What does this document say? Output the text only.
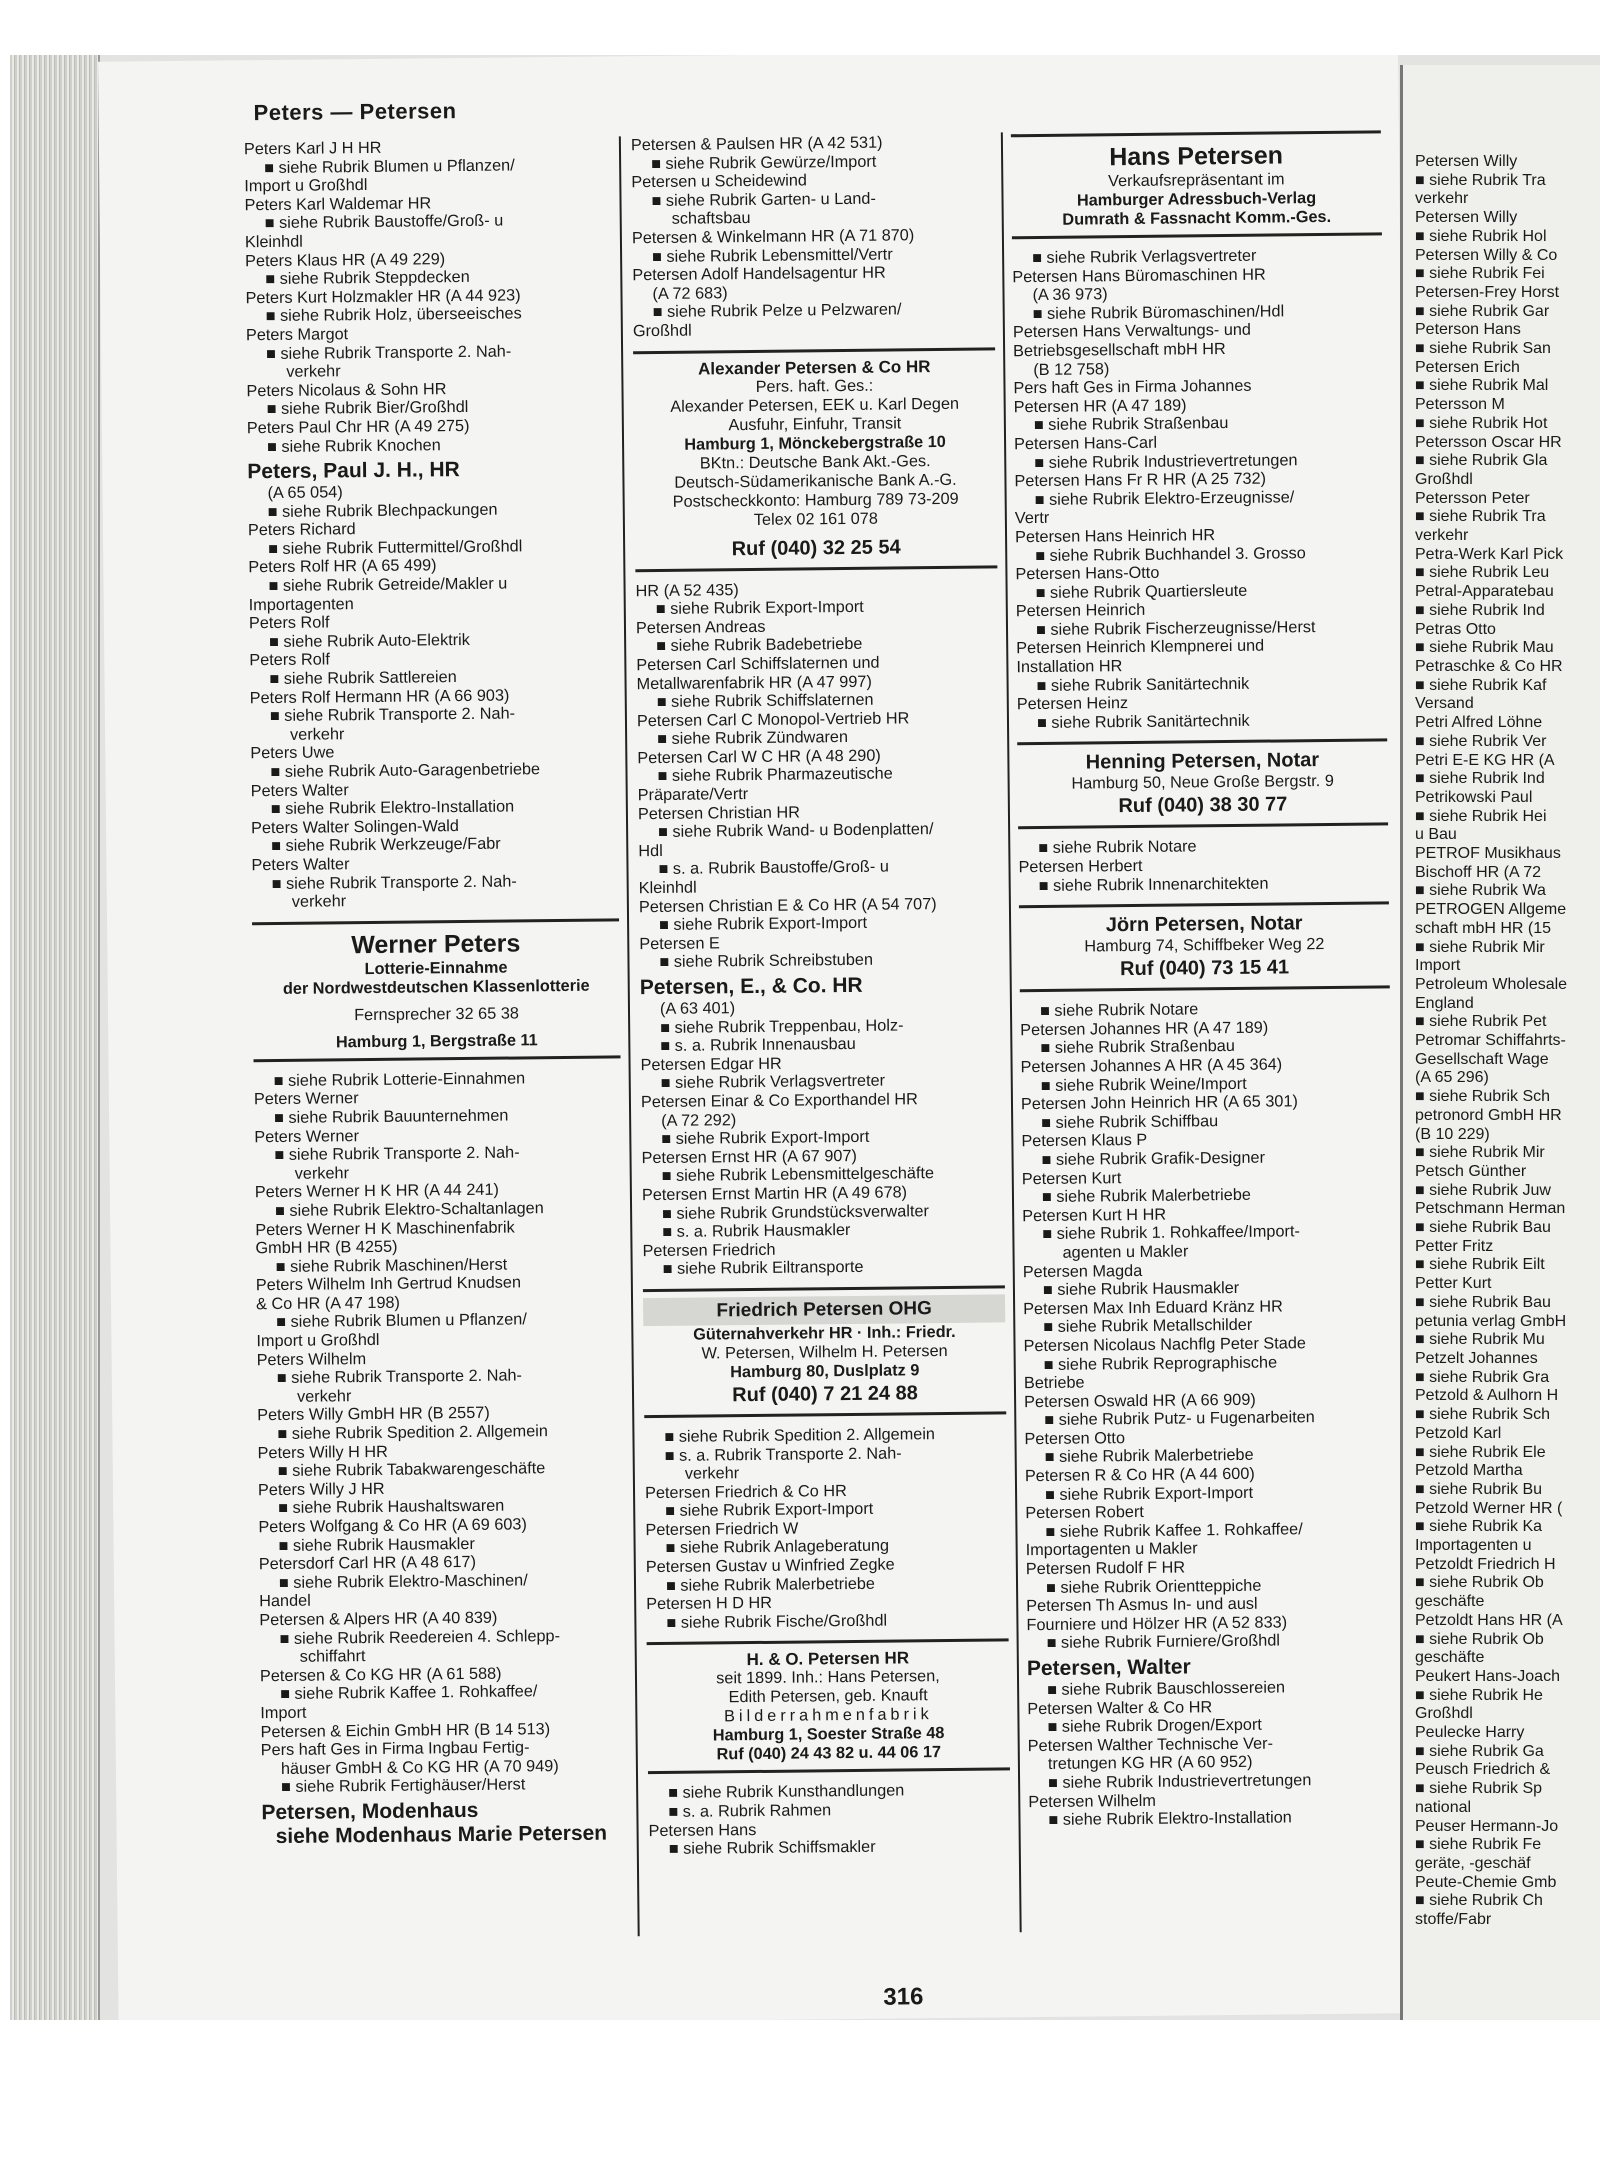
Peters — Petersen
Peters Karl J H HR
■ siehe Rubrik Blumen u Pflanzen/
Import u Großhdl
Peters Karl Waldemar HR
■ siehe Rubrik Baustoffe/Groß- u
Kleinhdl
Peters Klaus HR (A 49 229)
■ siehe Rubrik Steppdecken
Peters Kurt Holzmakler HR (A 44 923)
■ siehe Rubrik Holz, überseeisches
Peters Margot
■ siehe Rubrik Transporte 2. Nah-
verkehr
Peters Nicolaus & Sohn HR
■ siehe Rubrik Bier/Großhdl
Peters Paul Chr HR (A 49 275)
■ siehe Rubrik Knochen
Peters, Paul J. H., HR
(A 65 054)
■ siehe Rubrik Blechpackungen
Peters Richard
■ siehe Rubrik Futtermittel/Großhdl
Peters Rolf HR (A 65 499)
■ siehe Rubrik Getreide/Makler u
Importagenten
Peters Rolf
■ siehe Rubrik Auto-Elektrik
Peters Rolf
■ siehe Rubrik Sattlereien
Peters Rolf Hermann HR (A 66 903)
■ siehe Rubrik Transporte 2. Nah-
verkehr
Peters Uwe
■ siehe Rubrik Auto-Garagenbetriebe
Peters Walter
■ siehe Rubrik Elektro-Installation
Peters Walter Solingen-Wald
■ siehe Rubrik Werkzeuge/Fabr
Peters Walter
■ siehe Rubrik Transporte 2. Nah-
verkehr
Werner Peters
Lotterie-Einnahme
der Nordwestdeutschen Klassenlotterie
Fernsprecher 32 65 38
Hamburg 1, Bergstraße 11
■ siehe Rubrik Lotterie-Einnahmen
Peters Werner
■ siehe Rubrik Bauunternehmen
Peters Werner
■ siehe Rubrik Transporte 2. Nah-
verkehr
Peters Werner H K HR (A 44 241)
■ siehe Rubrik Elektro-Schaltanlagen
Peters Werner H K Maschinenfabrik
GmbH HR (B 4255)
■ siehe Rubrik Maschinen/Herst
Peters Wilhelm Inh Gertrud Knudsen
& Co HR (A 47 198)
■ siehe Rubrik Blumen u Pflanzen/
Import u Großhdl
Peters Wilhelm
■ siehe Rubrik Transporte 2. Nah-
verkehr
Peters Willy GmbH HR (B 2557)
■ siehe Rubrik Spedition 2. Allgemein
Peters Willy H HR
■ siehe Rubrik Tabakwarengeschäfte
Peters Willy J HR
■ siehe Rubrik Haushaltswaren
Peters Wolfgang & Co HR (A 69 603)
■ siehe Rubrik Hausmakler
Petersdorf Carl HR (A 48 617)
■ siehe Rubrik Elektro-Maschinen/
Handel
Petersen & Alpers HR (A 40 839)
■ siehe Rubrik Reedereien 4. Schlepp-
schiffahrt
Petersen & Co KG HR (A 61 588)
■ siehe Rubrik Kaffee 1. Rohkaffee/
Import
Petersen & Eichin GmbH HR (B 14 513)
Pers haft Ges in Firma Ingbau Fertig-
häuser GmbH & Co KG HR (A 70 949)
■ siehe Rubrik Fertighäuser/Herst
Petersen, Modenhaus
siehe Modenhaus Marie Petersen
Petersen & Paulsen HR (A 42 531)
■ siehe Rubrik Gewürze/Import
Petersen u Scheidewind
■ siehe Rubrik Garten- u Land-
schaftsbau
Petersen & Winkelmann HR (A 71 870)
■ siehe Rubrik Lebensmittel/Vertr
Petersen Adolf Handelsagentur HR
(A 72 683)
■ siehe Rubrik Pelze u Pelzwaren/
Großhdl
Alexander Petersen & Co HR
Pers. haft. Ges.:
Alexander Petersen, EEK u. Karl Degen
Ausfuhr, Einfuhr, Transit
Hamburg 1, Mönckebergstraße 10
BKtn.: Deutsche Bank Akt.-Ges.
Deutsch-Südamerikanische Bank A.-G.
Postscheckkonto: Hamburg 789 73-209
Telex 02 161 078
Ruf (040) 32 25 54
HR (A 52 435)
■ siehe Rubrik Export-Import
Petersen Andreas
■ siehe Rubrik Badebetriebe
Petersen Carl Schiffslaternen und
Metallwarenfabrik HR (A 47 997)
■ siehe Rubrik Schiffslaternen
Petersen Carl C Monopol-Vertrieb HR
■ siehe Rubrik Zündwaren
Petersen Carl W C HR (A 48 290)
■ siehe Rubrik Pharmazeutische
Präparate/Vertr
Petersen Christian HR
■ siehe Rubrik Wand- u Bodenplatten/
Hdl
■ s. a. Rubrik Baustoffe/Groß- u
Kleinhdl
Petersen Christian E & Co HR (A 54 707)
■ siehe Rubrik Export-Import
Petersen E
■ siehe Rubrik Schreibstuben
Petersen, E., & Co. HR
(A 63 401)
■ siehe Rubrik Treppenbau, Holz-
■ s. a. Rubrik Innenausbau
Petersen Edgar HR
■ siehe Rubrik Verlagsvertreter
Petersen Einar & Co Exporthandel HR
(A 72 292)
■ siehe Rubrik Export-Import
Petersen Ernst HR (A 67 907)
■ siehe Rubrik Lebensmittelgeschäfte
Petersen Ernst Martin HR (A 49 678)
■ siehe Rubrik Grundstücksverwalter
■ s. a. Rubrik Hausmakler
Petersen Friedrich
■ siehe Rubrik Eiltransporte
Friedrich Petersen OHG
Güternahverkehr HR · Inh.: Friedr.
W. Petersen, Wilhelm H. Petersen
Hamburg 80, Duslplatz 9
Ruf (040) 7 21 24 88
■ siehe Rubrik Spedition 2. Allgemein
■ s. a. Rubrik Transporte 2. Nah-
verkehr
Petersen Friedrich & Co HR
■ siehe Rubrik Export-Import
Petersen Friedrich W
■ siehe Rubrik Anlageberatung
Petersen Gustav u Winfried Zegke
■ siehe Rubrik Malerbetriebe
Petersen H D HR
■ siehe Rubrik Fische/Großhdl
H. & O. Petersen HR
seit 1899. Inh.: Hans Petersen,
Edith Petersen, geb. Knauft
Bilderrahmenfabrik
Hamburg 1, Soester Straße 48
Ruf (040) 24 43 82 u. 44 06 17
■ siehe Rubrik Kunsthandlungen
■ s. a. Rubrik Rahmen
Petersen Hans
■ siehe Rubrik Schiffsmakler
Hans Petersen
Verkaufsrepräsentant im
Hamburger Adressbuch-Verlag
Dumrath & Fassnacht Komm.-Ges.
■ siehe Rubrik Verlagsvertreter
Petersen Hans Büromaschinen HR
(A 36 973)
■ siehe Rubrik Büromaschinen/Hdl
Petersen Hans Verwaltungs- und
Betriebsgesellschaft mbH HR
(B 12 758)
Pers haft Ges in Firma Johannes
Petersen HR (A 47 189)
■ siehe Rubrik Straßenbau
Petersen Hans-Carl
■ siehe Rubrik Industrievertretungen
Petersen Hans Fr R HR (A 25 732)
■ siehe Rubrik Elektro-Erzeugnisse/
Vertr
Petersen Hans Heinrich HR
■ siehe Rubrik Buchhandel 3. Grosso
Petersen Hans-Otto
■ siehe Rubrik Quartiersleute
Petersen Heinrich
■ siehe Rubrik Fischerzeugnisse/Herst
Petersen Heinrich Klempnerei und
Installation HR
■ siehe Rubrik Sanitärtechnik
Petersen Heinz
■ siehe Rubrik Sanitärtechnik
Henning Petersen, Notar
Hamburg 50, Neue Große Bergstr. 9
Ruf (040) 38 30 77
■ siehe Rubrik Notare
Petersen Herbert
■ siehe Rubrik Innenarchitekten
Jörn Petersen, Notar
Hamburg 74, Schiffbeker Weg 22
Ruf (040) 73 15 41
■ siehe Rubrik Notare
Petersen Johannes HR (A 47 189)
■ siehe Rubrik Straßenbau
Petersen Johannes A HR (A 45 364)
■ siehe Rubrik Weine/Import
Petersen John Heinrich HR (A 65 301)
■ siehe Rubrik Schiffbau
Petersen Klaus P
■ siehe Rubrik Grafik-Designer
Petersen Kurt
■ siehe Rubrik Malerbetriebe
Petersen Kurt H HR
■ siehe Rubrik 1. Rohkaffee/Import-
agenten u Makler
Petersen Magda
■ siehe Rubrik Hausmakler
Petersen Max Inh Eduard Kränz HR
■ siehe Rubrik Metallschilder
Petersen Nicolaus Nachflg Peter Stade
■ siehe Rubrik Reprographische
Betriebe
Petersen Oswald HR (A 66 909)
■ siehe Rubrik Putz- u Fugenarbeiten
Petersen Otto
■ siehe Rubrik Malerbetriebe
Petersen R & Co HR (A 44 600)
■ siehe Rubrik Export-Import
Petersen Robert
■ siehe Rubrik Kaffee 1. Rohkaffee/
Importagenten u Makler
Petersen Rudolf F HR
■ siehe Rubrik Orientteppiche
Petersen Th Asmus In- und ausl
Fourniere und Hölzer HR (A 52 833)
■ siehe Rubrik Furniere/Großhdl
Petersen, Walter
■ siehe Rubrik Bauschlossereien
Petersen Walter & Co HR
■ siehe Rubrik Drogen/Export
Petersen Walther Technische Ver-
tretungen KG HR (A 60 952)
■ siehe Rubrik Industrievertretungen
Petersen Wilhelm
■ siehe Rubrik Elektro-Installation
316
Petersen Willy
■ siehe Rubrik Tra
verkehr
Petersen Willy
■ siehe Rubrik Hol
Petersen Willy & Co
■ siehe Rubrik Fei
Petersen-Frey Horst
■ siehe Rubrik Gar
Peterson Hans
■ siehe Rubrik San
Petersen Erich
■ siehe Rubrik Mal
Petersson M
■ siehe Rubrik Hot
Petersson Oscar HR
■ siehe Rubrik Gla
Großhdl
Petersson Peter
■ siehe Rubrik Tra
verkehr
Petra-Werk Karl Pick
■ siehe Rubrik Leu
Petral-Apparatebau
■ siehe Rubrik Ind
Petras Otto
■ siehe Rubrik Mau
Petraschke & Co HR
■ siehe Rubrik Kaf
Versand
Petri Alfred Löhne
■ siehe Rubrik Ver
Petri E-E KG HR (A
■ siehe Rubrik Ind
Petrikowski Paul
■ siehe Rubrik Hei
u Bau
PETROF Musikhaus
Bischoff HR (A 72
■ siehe Rubrik Wa
PETROGEN Allgeme
schaft mbH HR (15
■ siehe Rubrik Mir
Import
Petroleum Wholesale
England
■ siehe Rubrik Pet
Petromar Schiffahrts-
Gesellschaft Wage
(A 65 296)
■ siehe Rubrik Sch
petronord GmbH HR
(B 10 229)
■ siehe Rubrik Mir
Petsch Günther
■ siehe Rubrik Juw
Petschmann Herman
■ siehe Rubrik Bau
Petter Fritz
■ siehe Rubrik Eilt
Petter Kurt
■ siehe Rubrik Bau
petunia verlag GmbH
■ siehe Rubrik Mu
Petzelt Johannes
■ siehe Rubrik Gra
Petzold & Aulhorn H
■ siehe Rubrik Sch
Petzold Karl
■ siehe Rubrik Ele
Petzold Martha
■ siehe Rubrik Bu
Petzold Werner HR (
■ siehe Rubrik Ka
Importagenten u
Petzoldt Friedrich H
■ siehe Rubrik Ob
geschäfte
Petzoldt Hans HR (A
■ siehe Rubrik Ob
geschäfte
Peukert Hans-Joach
■ siehe Rubrik He
Großhdl
Peulecke Harry
■ siehe Rubrik Ga
Peusch Friedrich &
■ siehe Rubrik Sp
national
Peuser Hermann-Jo
■ siehe Rubrik Fe
geräte, -geschäf
Peute-Chemie Gmb
■ siehe Rubrik Ch
stoffe/Fabr
